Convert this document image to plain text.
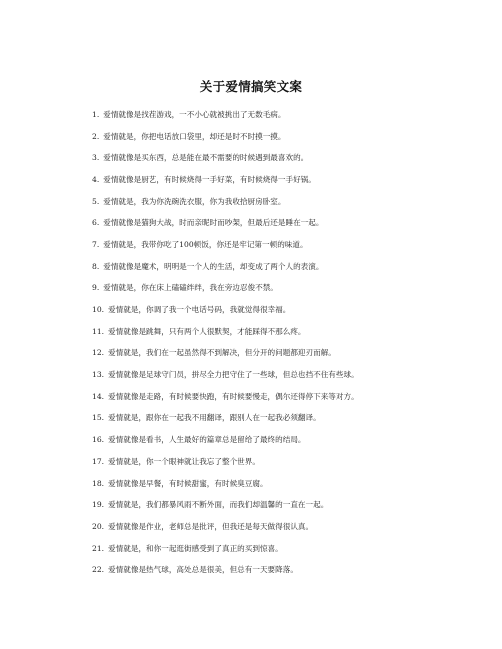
关于爱情搞笑文案
1. 爱情就像是找茬游戏，一不小心就被挑出了无数毛病。
2. 爱情就是，你把电话放口袋里，却还是时不时摸一摸。
3. 爱情就像是买东西，总是能在最不需要的时候遇到最喜欢的。
4. 爱情就像是厨艺，有时候烧得一手好菜，有时候烧得一手好锅。
5. 爱情就是，我为你洗碗洗衣服，你为我收拾厨房卧室。
6. 爱情就像是猫狗大战，时而亲昵时而吵架，但最后还是睡在一起。
7. 爱情就是，我带你吃了100顿饭，你还是牢记第一顿的味道。
8. 爱情就像是魔术，明明是一个人的生活，却变成了两个人的表演。
9. 爱情就是，你在床上磕磕绊绊，我在旁边忍俊不禁。
10. 爱情就是，你调了我一个电话号码，我就觉得很幸福。
11. 爱情就像是跳舞，只有两个人很默契，才能踩得不那么疼。
12. 爱情就是，我们在一起虽然得不到解决，但分开的问题都迎刃而解。
13. 爱情就像是足球守门员，拼尽全力把守住了一些球，但总也挡不住有些球。
14. 爱情就像是走路，有时候要快跑，有时候要慢走，偶尔还得停下来等对方。
15. 爱情就是，跟你在一起我不用翻译，跟别人在一起我必须翻译。
16. 爱情就像是看书，人生最好的篇章总是留给了最终的结局。
17. 爱情就是，你一个眼神就让我忘了整个世界。
18. 爱情就像是早餐，有时候甜蜜，有时候臭豆腐。
19. 爱情就是，我们都暴风雨不断外面，而我们却温馨的一直在一起。
20. 爱情就像是作业，老师总是批评，但我还是每天做得很认真。
21. 爱情就是，和你一起逛街感受到了真正的买到惊喜。
22. 爱情就像是热气球，高处总是很美，但总有一天要降落。
